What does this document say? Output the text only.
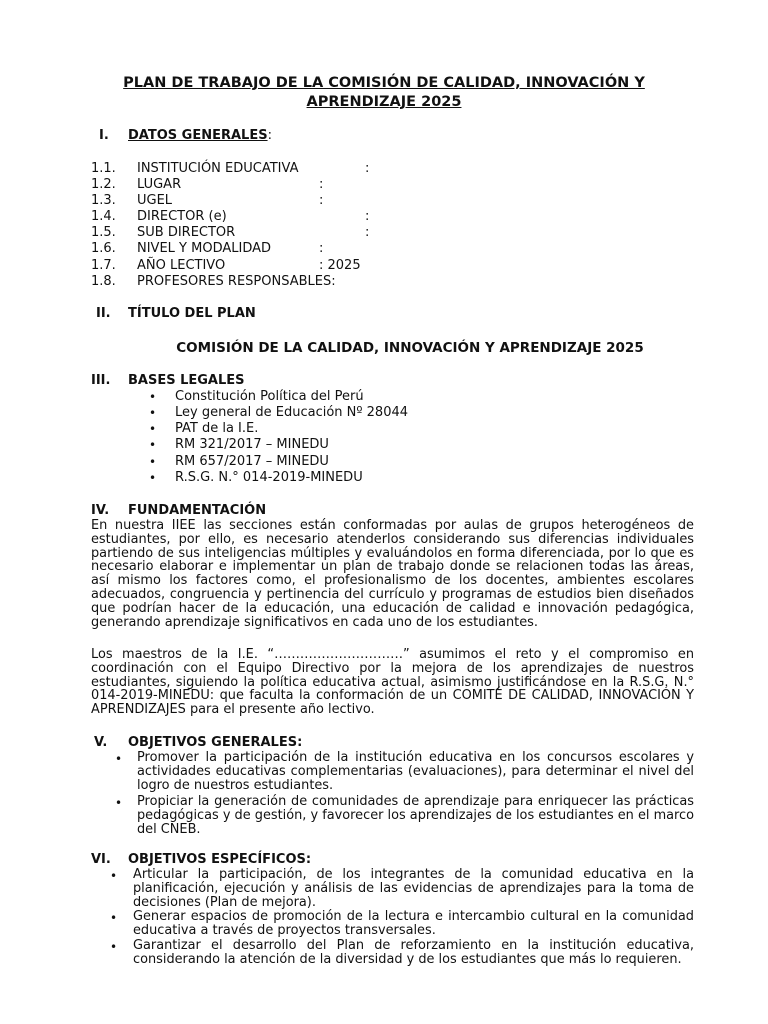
PLAN DE TRABAJO DE LA COMISIÓN DE CALIDAD, INNOVACIÓN Y
APRENDIZAJE 2025
I. DATOS GENERALES:
1.1. INSTITUCIÓN EDUCATIVA	:
1.2. LUGAR	:
1.3. UGEL	:
1.4. DIRECTOR (e)	:
1.5. SUB DIRECTOR	:
1.6. NIVEL Y MODALIDAD	:
1.7. AÑO LECTIVO	: 2025
1.8. PROFESORES RESPONSABLES:
II. TÍTULO DEL PLAN
COMISIÓN DE LA CALIDAD, INNOVACIÓN Y APRENDIZAJE 2025
III. BASES LEGALES
• Constitución Política del Perú
• Ley general de Educación Nº 28044
• PAT de la I.E.
• RM 321/2017 – MINEDU
• RM 657/2017 – MINEDU
• R.S.G. N.° 014-2019-MINEDU
IV. FUNDAMENTACIÓN
En nuestra IIEE las secciones están conformadas por aulas de grupos heterogéneos de estudiantes, por ello, es necesario atenderlos considerando sus diferencias individuales partiendo de sus inteligencias múltiples y evaluándolos en forma diferenciada, por lo que es necesario elaborar e implementar un plan de trabajo donde se relacionen todas las áreas, así mismo los factores como, el profesionalismo de los docentes, ambientes escolares adecuados, congruencia y pertinencia del currículo y programas de estudios bien diseñados que podrían hacer de la educación, una educación de calidad e innovación pedagógica, generando aprendizaje significativos en cada uno de los estudiantes.
Los maestros de la I.E. “…………………………” asumimos el reto y el compromiso en coordinación con el Equipo Directivo por la mejora de los aprendizajes de nuestros estudiantes, siguiendo la política educativa actual, asimismo justificándose en la R.S.G. N.° 014-2019-MINEDU: que faculta la conformación de un COMITÉ DE CALIDAD, INNOVACIÓN Y APRENDIZAJES para el presente año lectivo.
V. OBJETIVOS GENERALES:
• Promover la participación de la institución educativa en los concursos escolares y actividades educativas complementarias (evaluaciones), para determinar el nivel del logro de nuestros estudiantes.
• Propiciar la generación de comunidades de aprendizaje para enriquecer las prácticas pedagógicas y de gestión, y favorecer los aprendizajes de los estudiantes en el marco del CNEB.
VI. OBJETIVOS ESPECÍFICOS:
• Articular la participación, de los integrantes de la comunidad educativa en la planificación, ejecución y análisis de las evidencias de aprendizajes para la toma de decisiones (Plan de mejora).
• Generar espacios de promoción de la lectura e intercambio cultural en la comunidad educativa a través de proyectos transversales.
• Garantizar el desarrollo del Plan de reforzamiento en la institución educativa, considerando la atención de la diversidad y de los estudiantes que más lo requieren.
